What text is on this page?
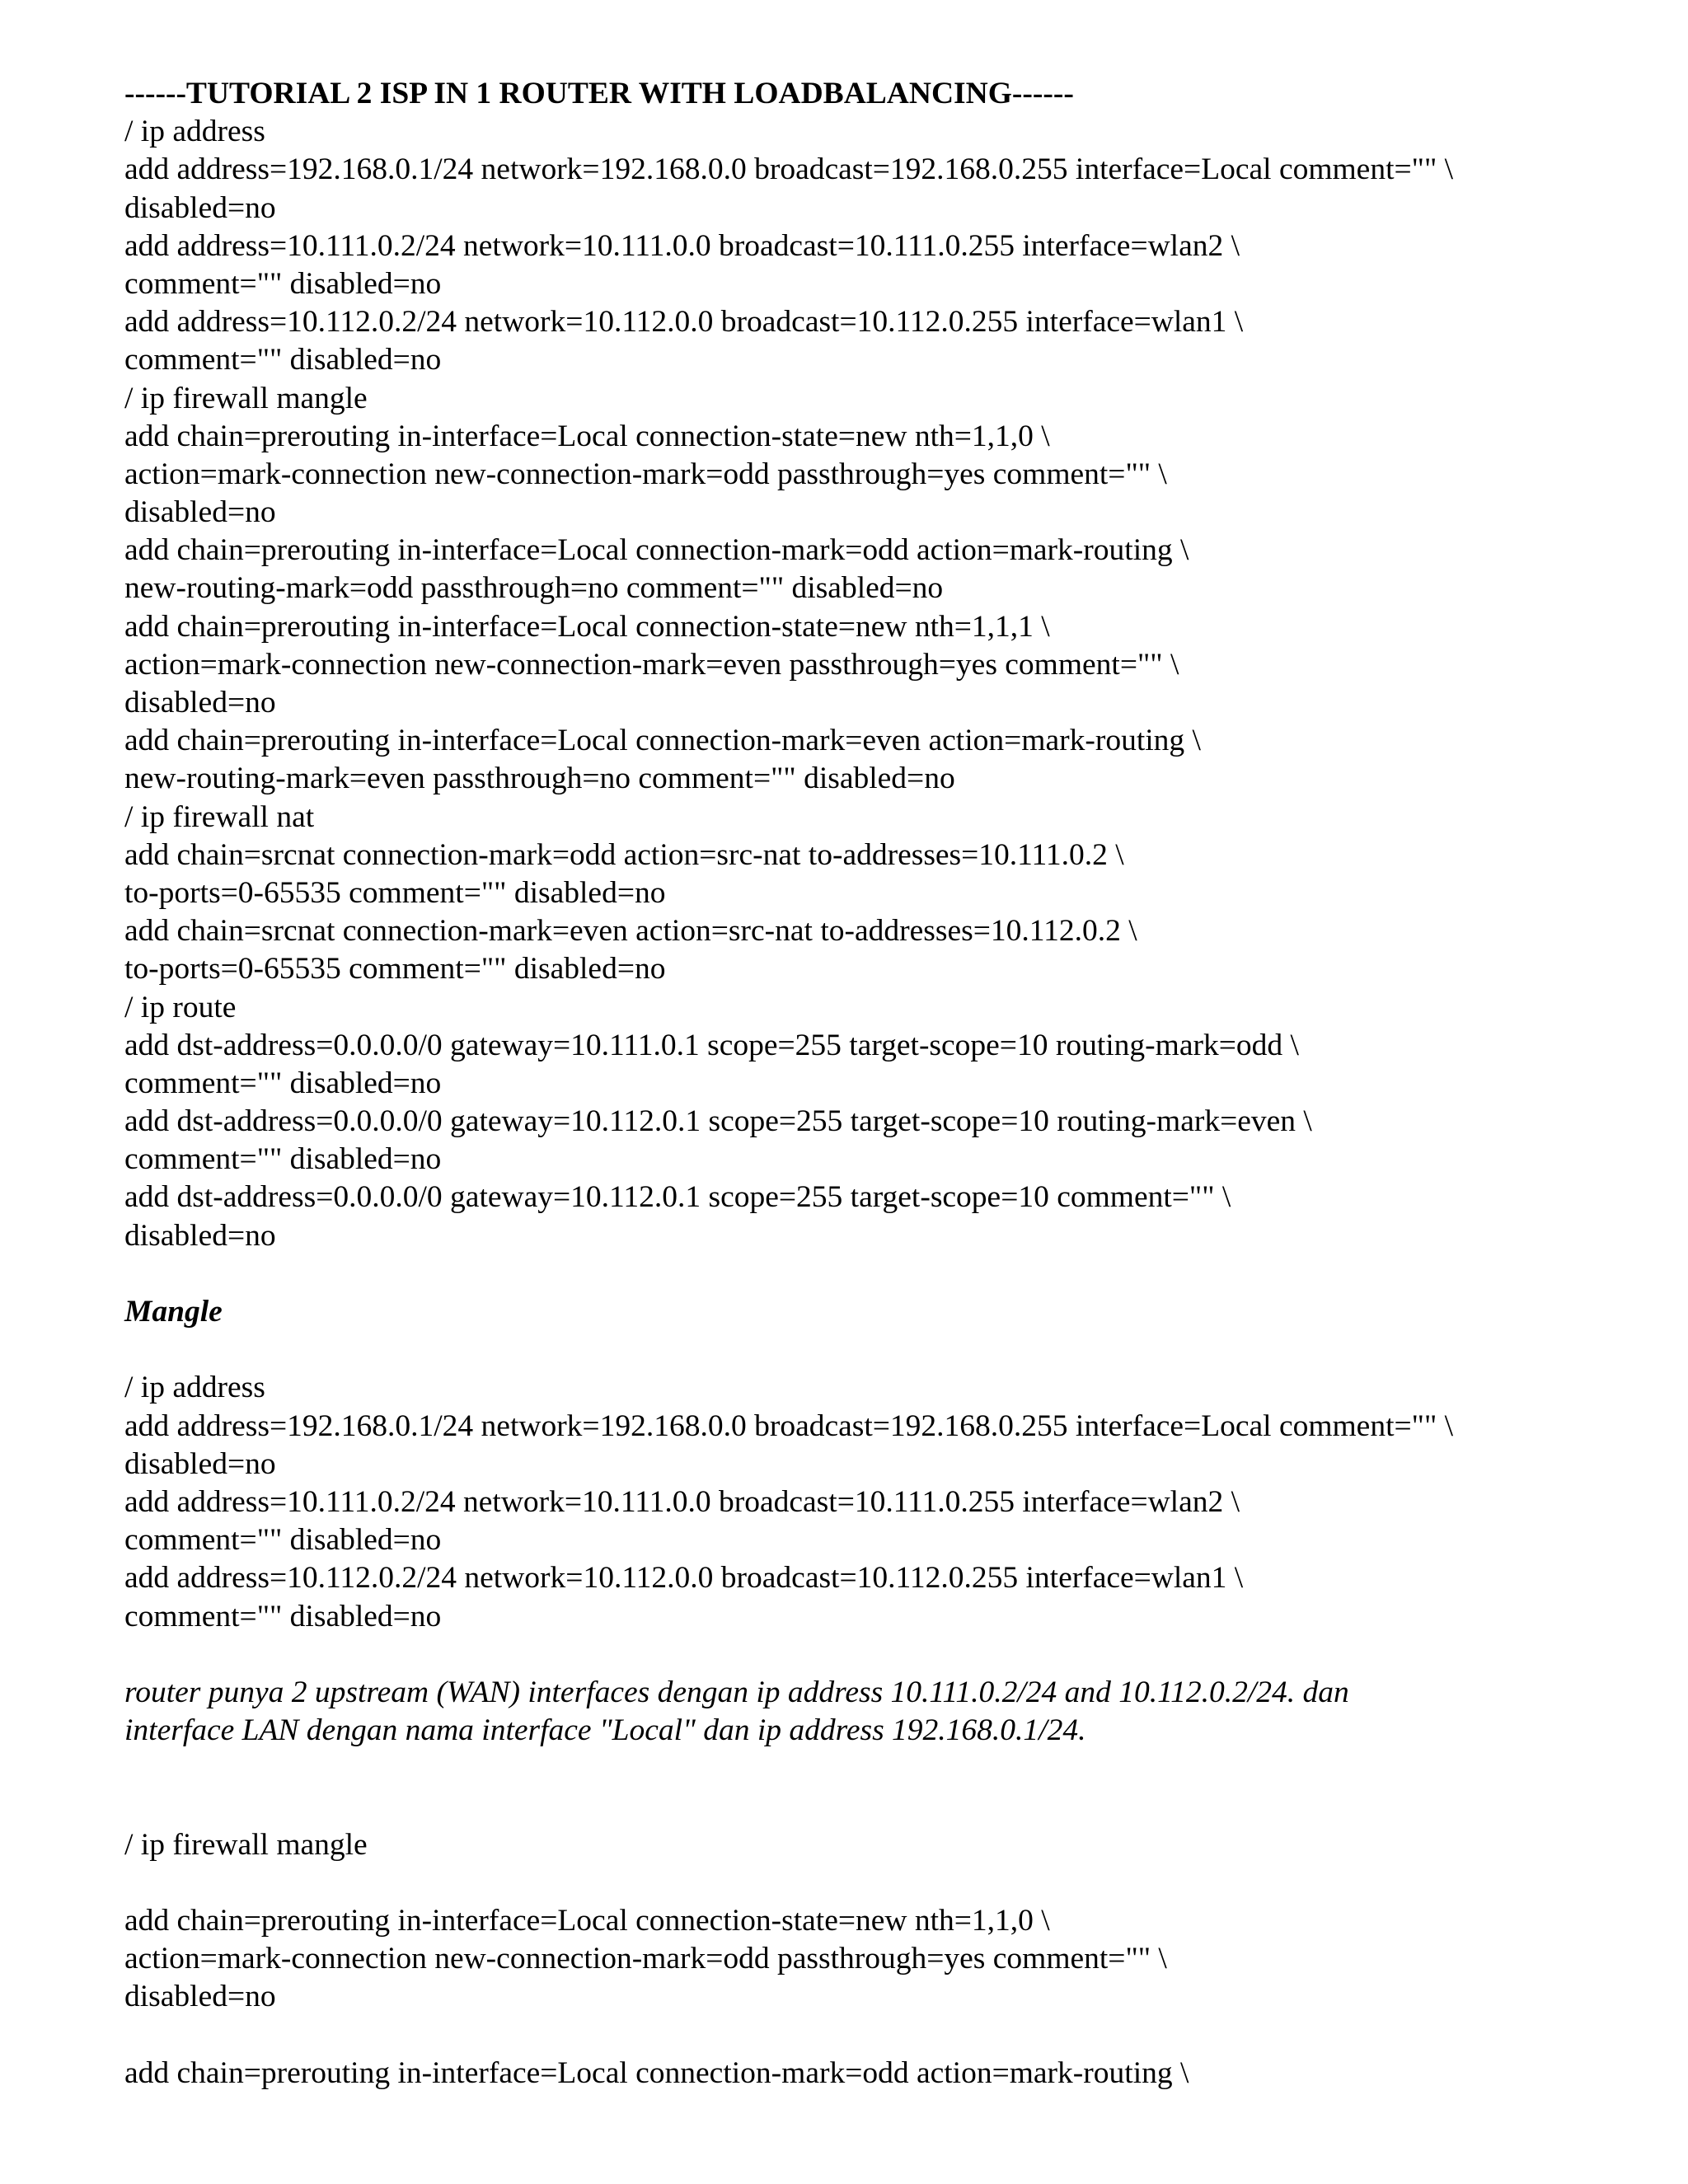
------TUTORIAL 2 ISP IN 1 ROUTER WITH LOADBALANCING------
/ ip address
add address=192.168.0.1/24 network=192.168.0.0 broadcast=192.168.0.255 interface=Local comment="" \
disabled=no
add address=10.111.0.2/24 network=10.111.0.0 broadcast=10.111.0.255 interface=wlan2 \
comment="" disabled=no
add address=10.112.0.2/24 network=10.112.0.0 broadcast=10.112.0.255 interface=wlan1 \
comment="" disabled=no
/ ip firewall mangle
add chain=prerouting in-interface=Local connection-state=new nth=1,1,0 \
action=mark-connection new-connection-mark=odd passthrough=yes comment="" \
disabled=no
add chain=prerouting in-interface=Local connection-mark=odd action=mark-routing \
new-routing-mark=odd passthrough=no comment="" disabled=no
add chain=prerouting in-interface=Local connection-state=new nth=1,1,1 \
action=mark-connection new-connection-mark=even passthrough=yes comment="" \
disabled=no
add chain=prerouting in-interface=Local connection-mark=even action=mark-routing \
new-routing-mark=even passthrough=no comment="" disabled=no
/ ip firewall nat
add chain=srcnat connection-mark=odd action=src-nat to-addresses=10.111.0.2 \
to-ports=0-65535 comment="" disabled=no
add chain=srcnat connection-mark=even action=src-nat to-addresses=10.112.0.2 \
to-ports=0-65535 comment="" disabled=no
/ ip route
add dst-address=0.0.0.0/0 gateway=10.111.0.1 scope=255 target-scope=10 routing-mark=odd \
comment="" disabled=no
add dst-address=0.0.0.0/0 gateway=10.112.0.1 scope=255 target-scope=10 routing-mark=even \
comment="" disabled=no
add dst-address=0.0.0.0/0 gateway=10.112.0.1 scope=255 target-scope=10 comment="" \
disabled=no
Mangle
/ ip address
add address=192.168.0.1/24 network=192.168.0.0 broadcast=192.168.0.255 interface=Local comment="" \
disabled=no
add address=10.111.0.2/24 network=10.111.0.0 broadcast=10.111.0.255 interface=wlan2 \
comment="" disabled=no
add address=10.112.0.2/24 network=10.112.0.0 broadcast=10.112.0.255 interface=wlan1 \
comment="" disabled=no
router punya 2 upstream (WAN) interfaces dengan ip address 10.111.0.2/24 and 10.112.0.2/24. dan
interface LAN dengan nama interface "Local" dan ip address 192.168.0.1/24.
/ ip firewall mangle
add chain=prerouting in-interface=Local connection-state=new nth=1,1,0 \
action=mark-connection new-connection-mark=odd passthrough=yes comment="" \
disabled=no
add chain=prerouting in-interface=Local connection-mark=odd action=mark-routing \
